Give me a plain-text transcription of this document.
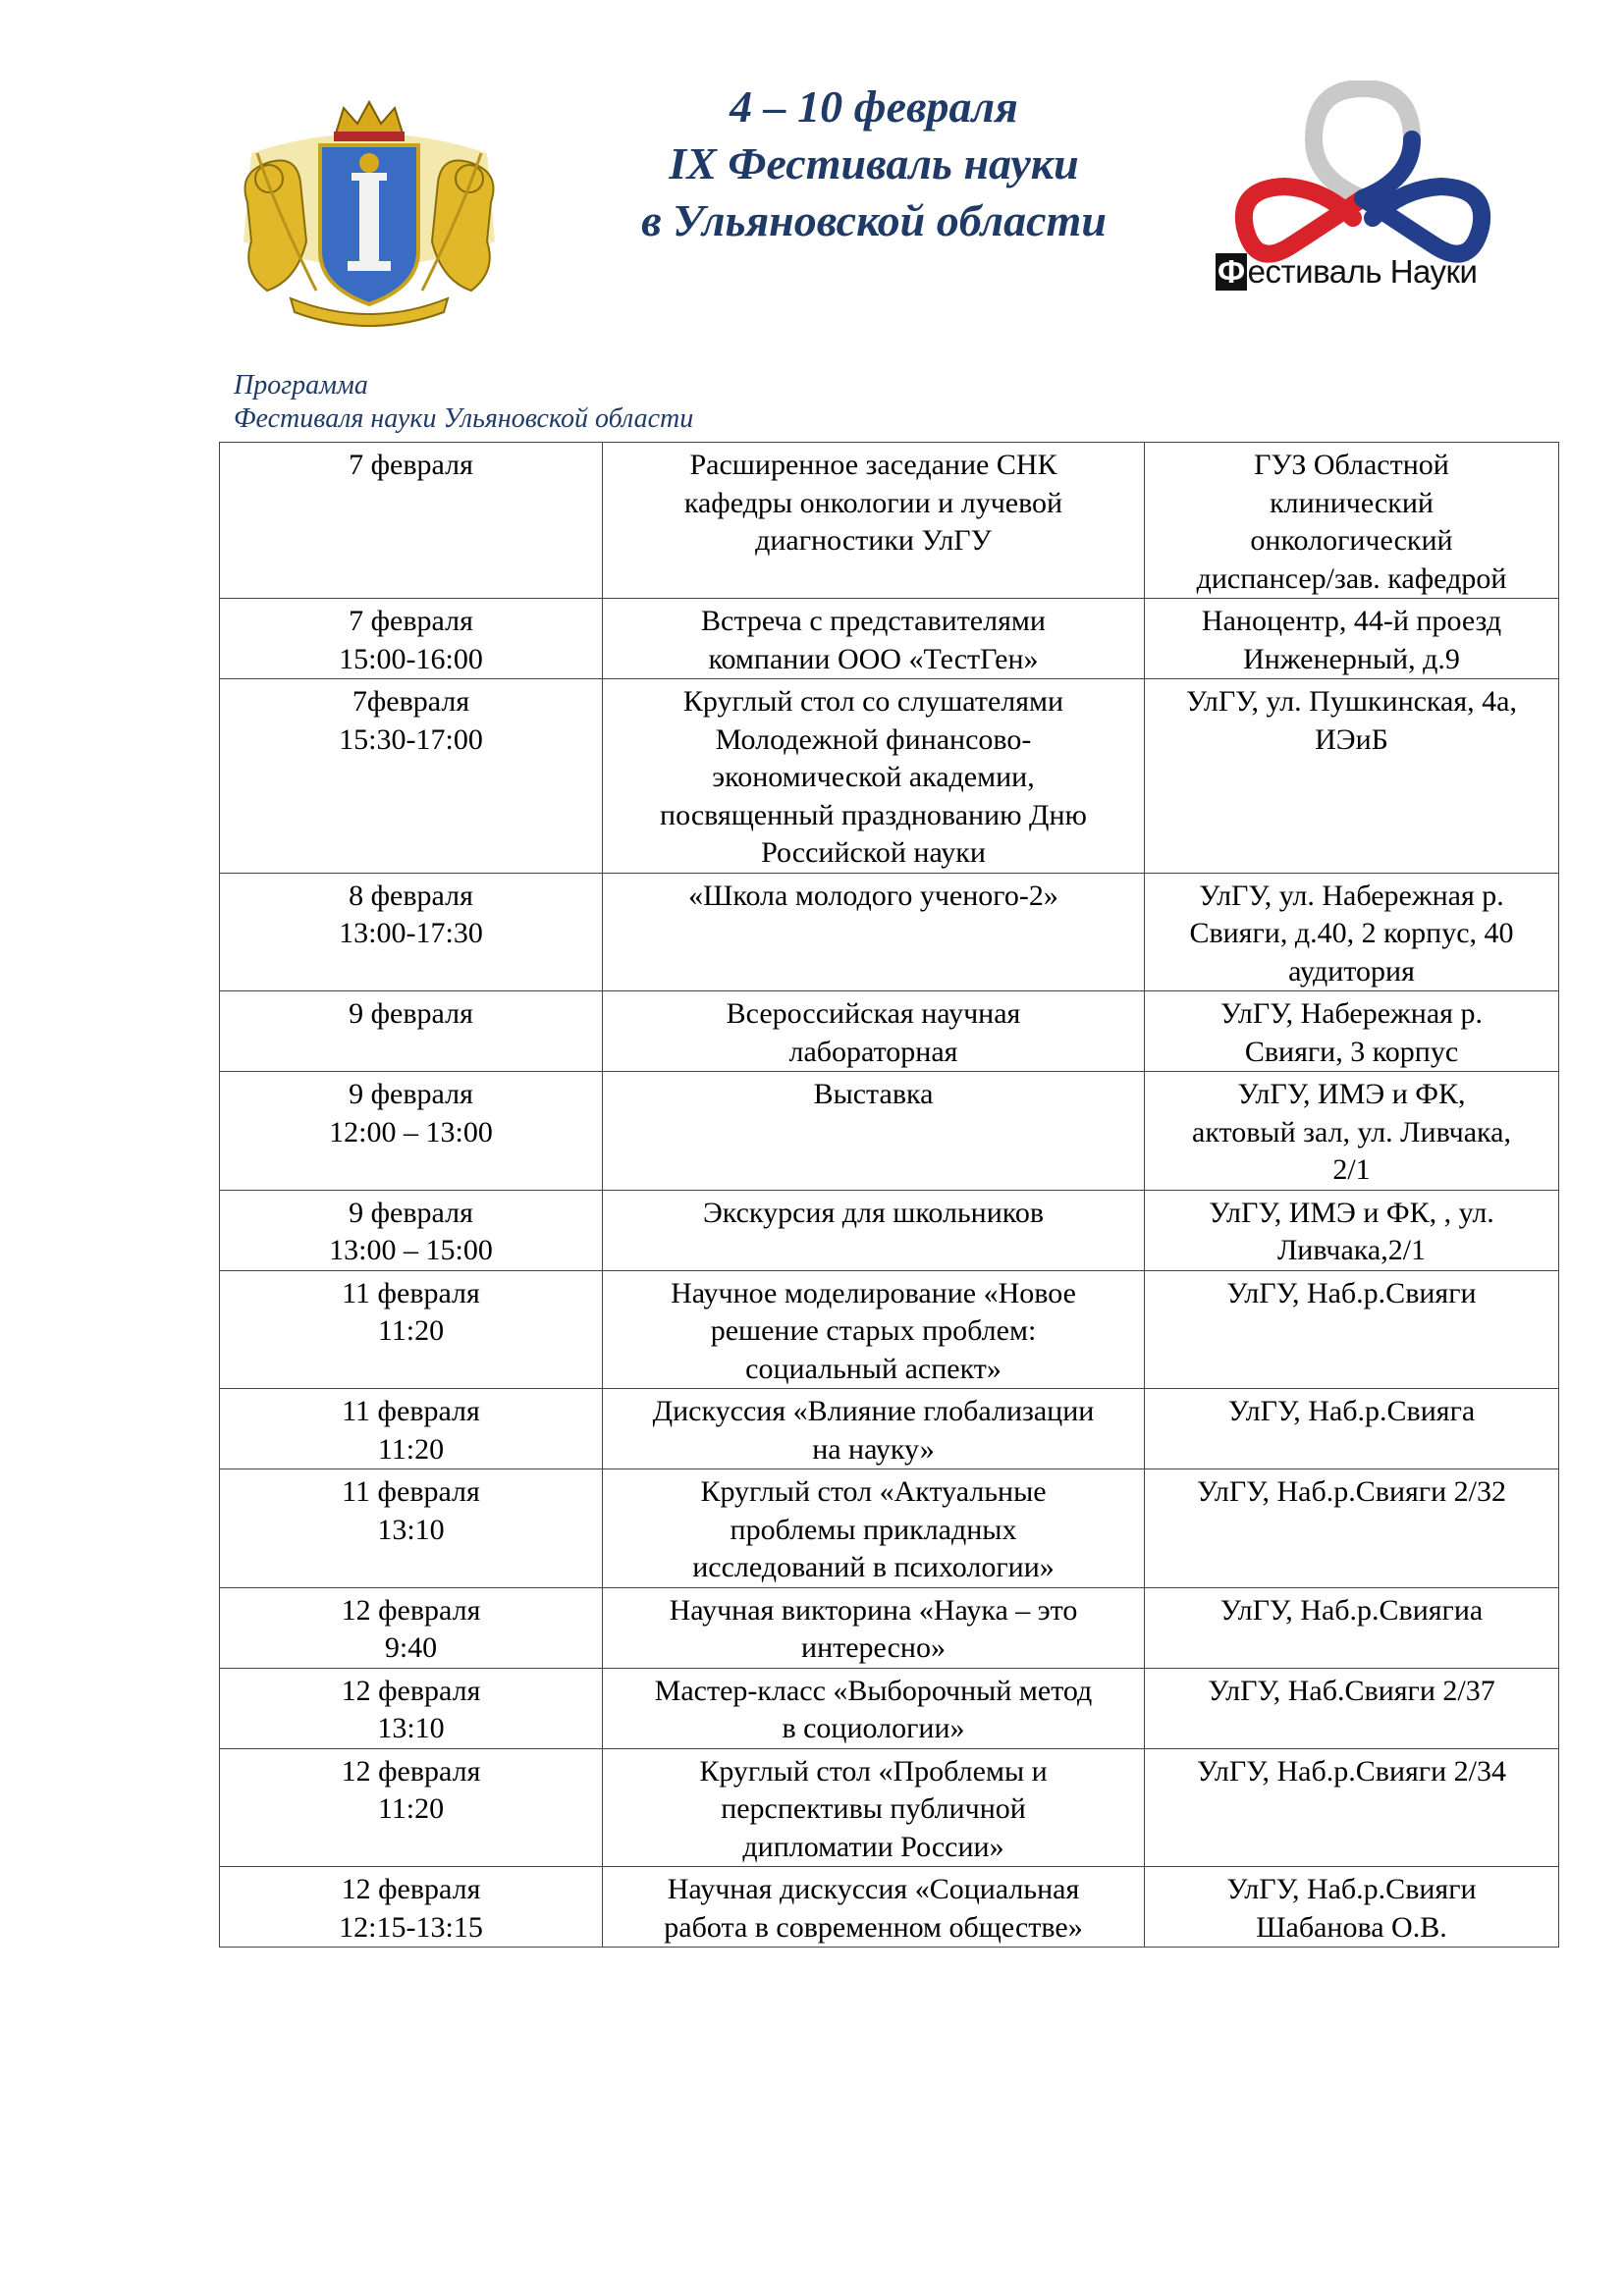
4 – 10 февраля
IX Фестиваль науки
в Ульяновской области
Фестиваль Науки
Программа
Фестиваля науки Ульяновской области
7 февраля	Расширенное заседание СНК
кафедры онкологии и лучевой
диагностики УлГУ	ГУЗ Областной
клинический
онкологический
диспансер/зав. кафедрой

7 февраля
15:00-16:00	Встреча с представителями
компании ООО «ТестГен»	Наноцентр, 44-й проезд
Инженерный, д.9

7февраля
15:30-17:00	Круглый стол со слушателями
Молодежной финансово-
экономической академии,
посвященный празднованию Дню
Российской науки	УлГУ, ул. Пушкинская, 4а,
ИЭиБ

8 февраля
13:00-17:30	«Школа молодого ученого-2»	УлГУ, ул. Набережная р.
Свияги, д.40, 2 корпус, 40
аудитория

9 февраля	Всероссийская научная
лабораторная	УлГУ, Набережная р.
Свияги, 3 корпус

9 февраля
12:00 – 13:00	Выставка	УлГУ, ИМЭ и ФК,
актовый зал, ул. Ливчака,
2/1

9 февраля
13:00 – 15:00	Экскурсия для школьников	УлГУ, ИМЭ и ФК, , ул.
Ливчака,2/1

11 февраля
11:20	Научное моделирование «Новое
решение старых проблем:
социальный аспект»	УлГУ, Наб.р.Свияги

11 февраля
11:20	Дискуссия «Влияние глобализации
на науку»	УлГУ, Наб.р.Свияга

11 февраля
13:10	Круглый стол «Актуальные
проблемы прикладных
исследований в психологии»	УлГУ, Наб.р.Свияги 2/32

12 февраля
9:40	Научная викторина «Наука – это
интересно»	УлГУ, Наб.р.Свиягиа

12 февраля
13:10	Мастер-класс «Выборочный метод
в социологии»	УлГУ, Наб.Свияги 2/37

12 февраля
11:20	Круглый стол «Проблемы и
перспективы публичной
дипломатии России»	УлГУ, Наб.р.Свияги 2/34

12 февраля
12:15-13:15	Научная дискуссия «Социальная
работа в современном обществе»	УлГУ, Наб.р.Свияги
Шабанова О.В.
